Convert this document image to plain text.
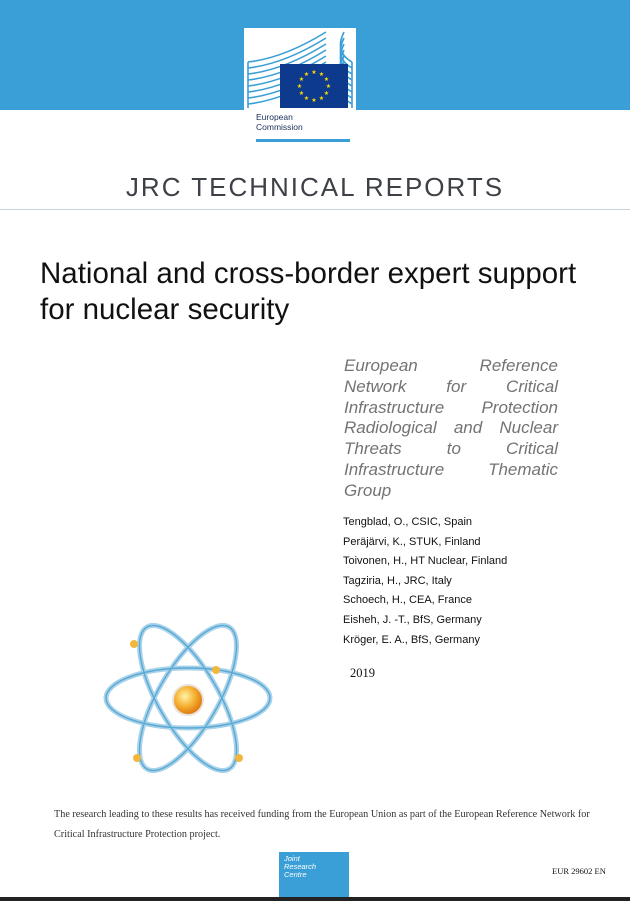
★ ★
★
★
★
★
★
★
★
★
★
★
European
Commission
JRC TECHNICAL REPORTS
National and cross-border expert support for nuclear security
European Reference
Network for Critical
Infrastructure Protection
Radiological and Nuclear
Threats to Critical
Infrastructure Thematic
Group
Tengblad, O., CSIC, Spain
Peräjärvi, K., STUK, Finland
Toivonen, H., HT Nuclear, Finland
Tagziria, H., JRC, Italy
Schoech, H., CEA, France
Eisheh, J. -T., BfS, Germany
Kröger, E. A., BfS, Germany
2019
The research leading to these results has received funding from the European Union as part of the European Reference Network for Critical Infrastructure Protection project.
Joint
Research
Centre	EUR 29602 EN
